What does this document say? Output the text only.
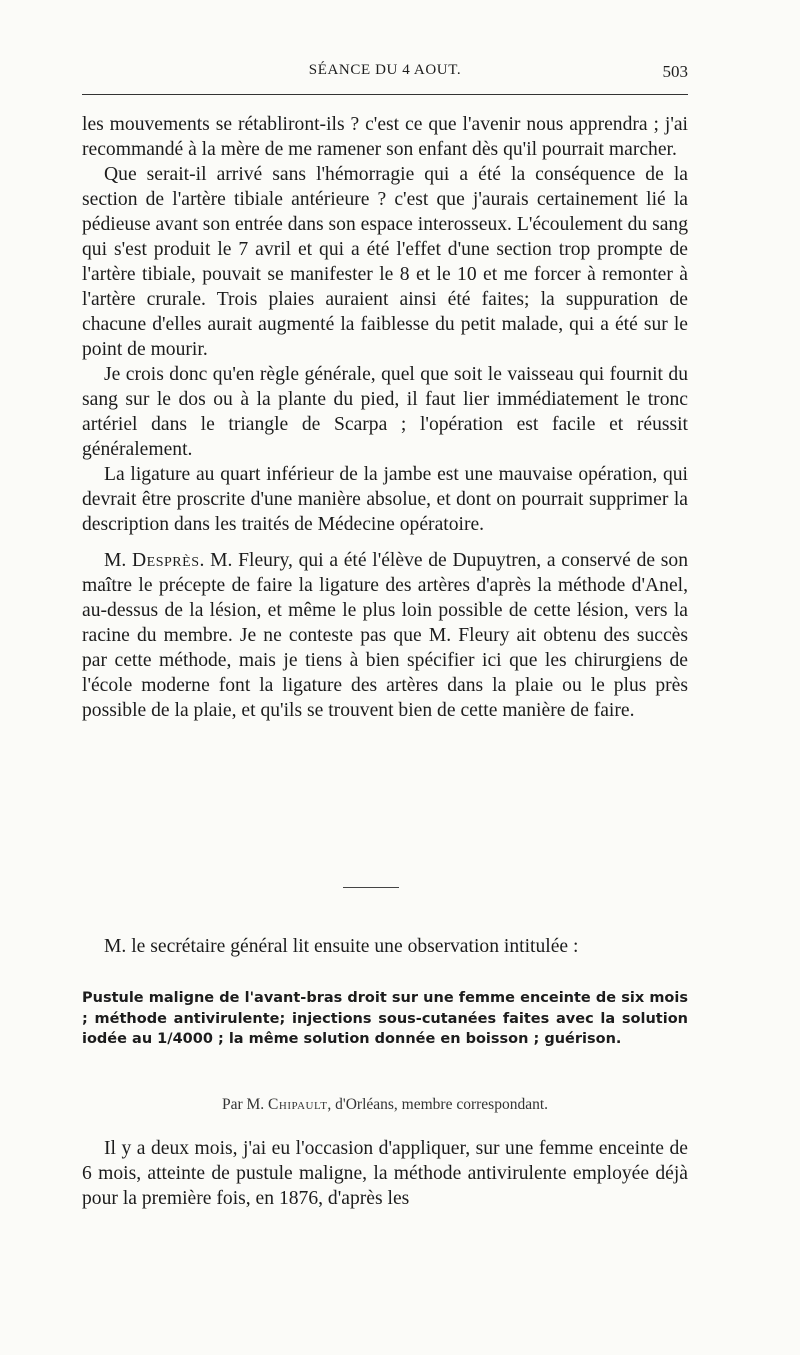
SÉANCE DU 4 AOUT.	503

les mouvements se rétabliront-ils ? c'est ce que l'avenir nous apprendra ; j'ai recommandé à la mère de me ramener son enfant dès qu'il pourrait marcher.

Que serait-il arrivé sans l'hémorragie qui a été la conséquence de la section de l'artère tibiale antérieure ? c'est que j'aurais certainement lié la pédieuse avant son entrée dans son espace interosseux. L'écoulement du sang qui s'est produit le 7 avril et qui a été l'effet d'une section trop prompte de l'artère tibiale, pouvait se manifester le 8 et le 10 et me forcer à remonter à l'artère crurale. Trois plaies auraient ainsi été faites; la suppuration de chacune d'elles aurait augmenté la faiblesse du petit malade, qui a été sur le point de mourir.

Je crois donc qu'en règle générale, quel que soit le vaisseau qui fournit du sang sur le dos ou à la plante du pied, il faut lier immédiatement le tronc artériel dans le triangle de Scarpa ; l'opération est facile et réussit généralement.

La ligature au quart inférieur de la jambe est une mauvaise opération, qui devrait être proscrite d'une manière absolue, et dont on pourrait supprimer la description dans les traités de Médecine opératoire.

M. Desprès. M. Fleury, qui a été l'élève de Dupuytren, a conservé de son maître le précepte de faire la ligature des artères d'après la méthode d'Anel, au-dessus de la lésion, et même le plus loin possible de cette lésion, vers la racine du membre. Je ne conteste pas que M. Fleury ait obtenu des succès par cette méthode, mais je tiens à bien spécifier ici que les chirurgiens de l'école moderne font la ligature des artères dans la plaie ou le plus près possible de la plaie, et qu'ils se trouvent bien de cette manière de faire.

M. le secrétaire général lit ensuite une observation intitulée :
Pustule maligne de l'avant-bras droit sur une femme enceinte de six mois ; méthode antivirulente; injections sous-cutanées faites avec la solution iodée au 1/4000 ; la même solution donnée en boisson ; guérison.
Par M. Chipault, d'Orléans, membre correspondant.

Il y a deux mois, j'ai eu l'occasion d'appliquer, sur une femme enceinte de 6 mois, atteinte de pustule maligne, la méthode antivirulente employée déjà pour la première fois, en 1876, d'après les
